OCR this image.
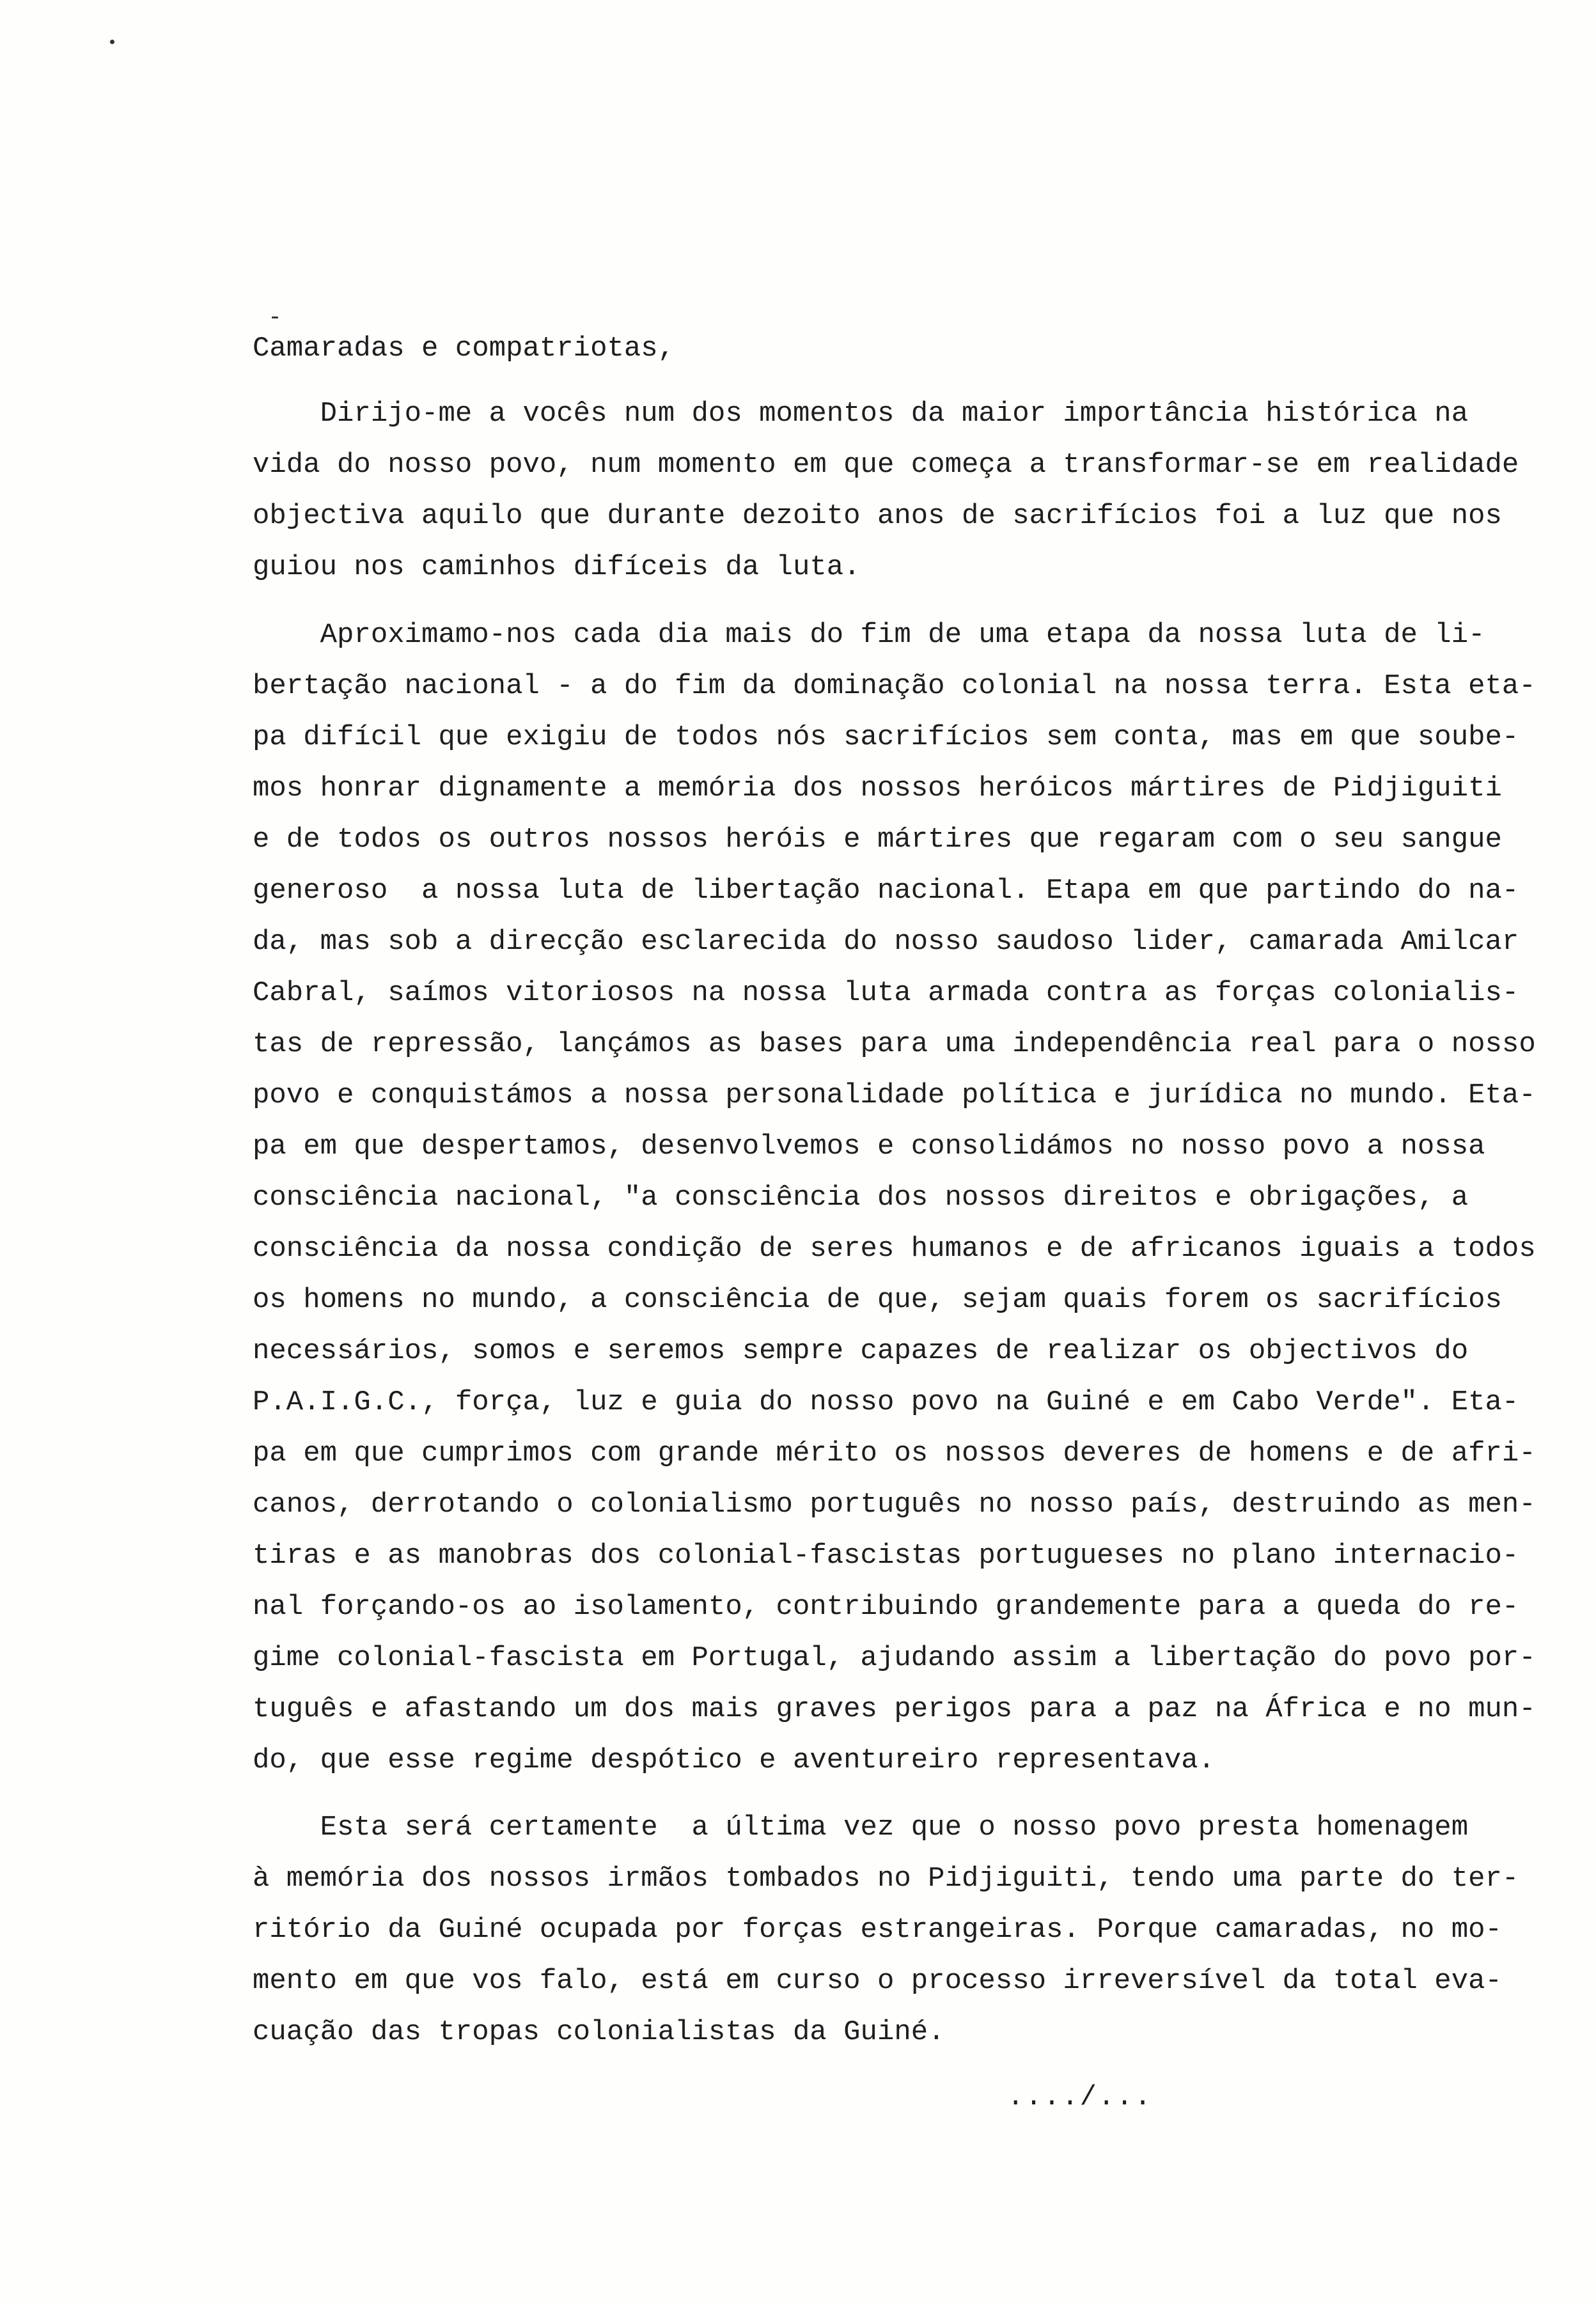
Camaradas e compatriotas,
Dirijo-me a vocês num dos momentos da maior importância histórica na
vida do nosso povo, num momento em que começa a transformar-se em realidade
objectiva aquilo que durante dezoito anos de sacrifícios foi a luz que nos
guiou nos caminhos difíceis da luta.
Aproximamo-nos cada dia mais do fim de uma etapa da nossa luta de li-
bertação nacional - a do fim da dominação colonial na nossa terra. Esta eta-
pa difícil que exigiu de todos nós sacrifícios sem conta, mas em que soube-
mos honrar dignamente a memória dos nossos heróicos mártires de Pidjiguiti
e de todos os outros nossos heróis e mártires que regaram com o seu sangue
generoso  a nossa luta de libertação nacional. Etapa em que partindo do na-
da, mas sob a direcção esclarecida do nosso saudoso lider, camarada Amilcar
Cabral, saímos vitoriosos na nossa luta armada contra as forças colonialis-
tas de repressão, lançámos as bases para uma independência real para o nosso
povo e conquistámos a nossa personalidade política e jurídica no mundo. Eta-
pa em que despertamos, desenvolvemos e consolidámos no nosso povo a nossa
consciência nacional, "a consciência dos nossos direitos e obrigações, a
consciência da nossa condição de seres humanos e de africanos iguais a todos
os homens no mundo, a consciência de que, sejam quais forem os sacrifícios
necessários, somos e seremos sempre capazes de realizar os objectivos do
P.A.I.G.C., força, luz e guia do nosso povo na Guiné e em Cabo Verde". Eta-
pa em que cumprimos com grande mérito os nossos deveres de homens e de afri-
canos, derrotando o colonialismo português no nosso país, destruindo as men-
tiras e as manobras dos colonial-fascistas portugueses no plano internacio-
nal forçando-os ao isolamento, contribuindo grandemente para a queda do re-
gime colonial-fascista em Portugal, ajudando assim a libertação do povo por-
tuguês e afastando um dos mais graves perigos para a paz na África e no mun-
do, que esse regime despótico e aventureiro representava.
Esta será certamente  a última vez que o nosso povo presta homenagem
à memória dos nossos irmãos tombados no Pidjiguiti, tendo uma parte do ter-
ritório da Guiné ocupada por forças estrangeiras. Porque camaradas, no mo-
mento em que vos falo, está em curso o processo irreversível da total eva-
cuação das tropas colonialistas da Guiné.
..../...
